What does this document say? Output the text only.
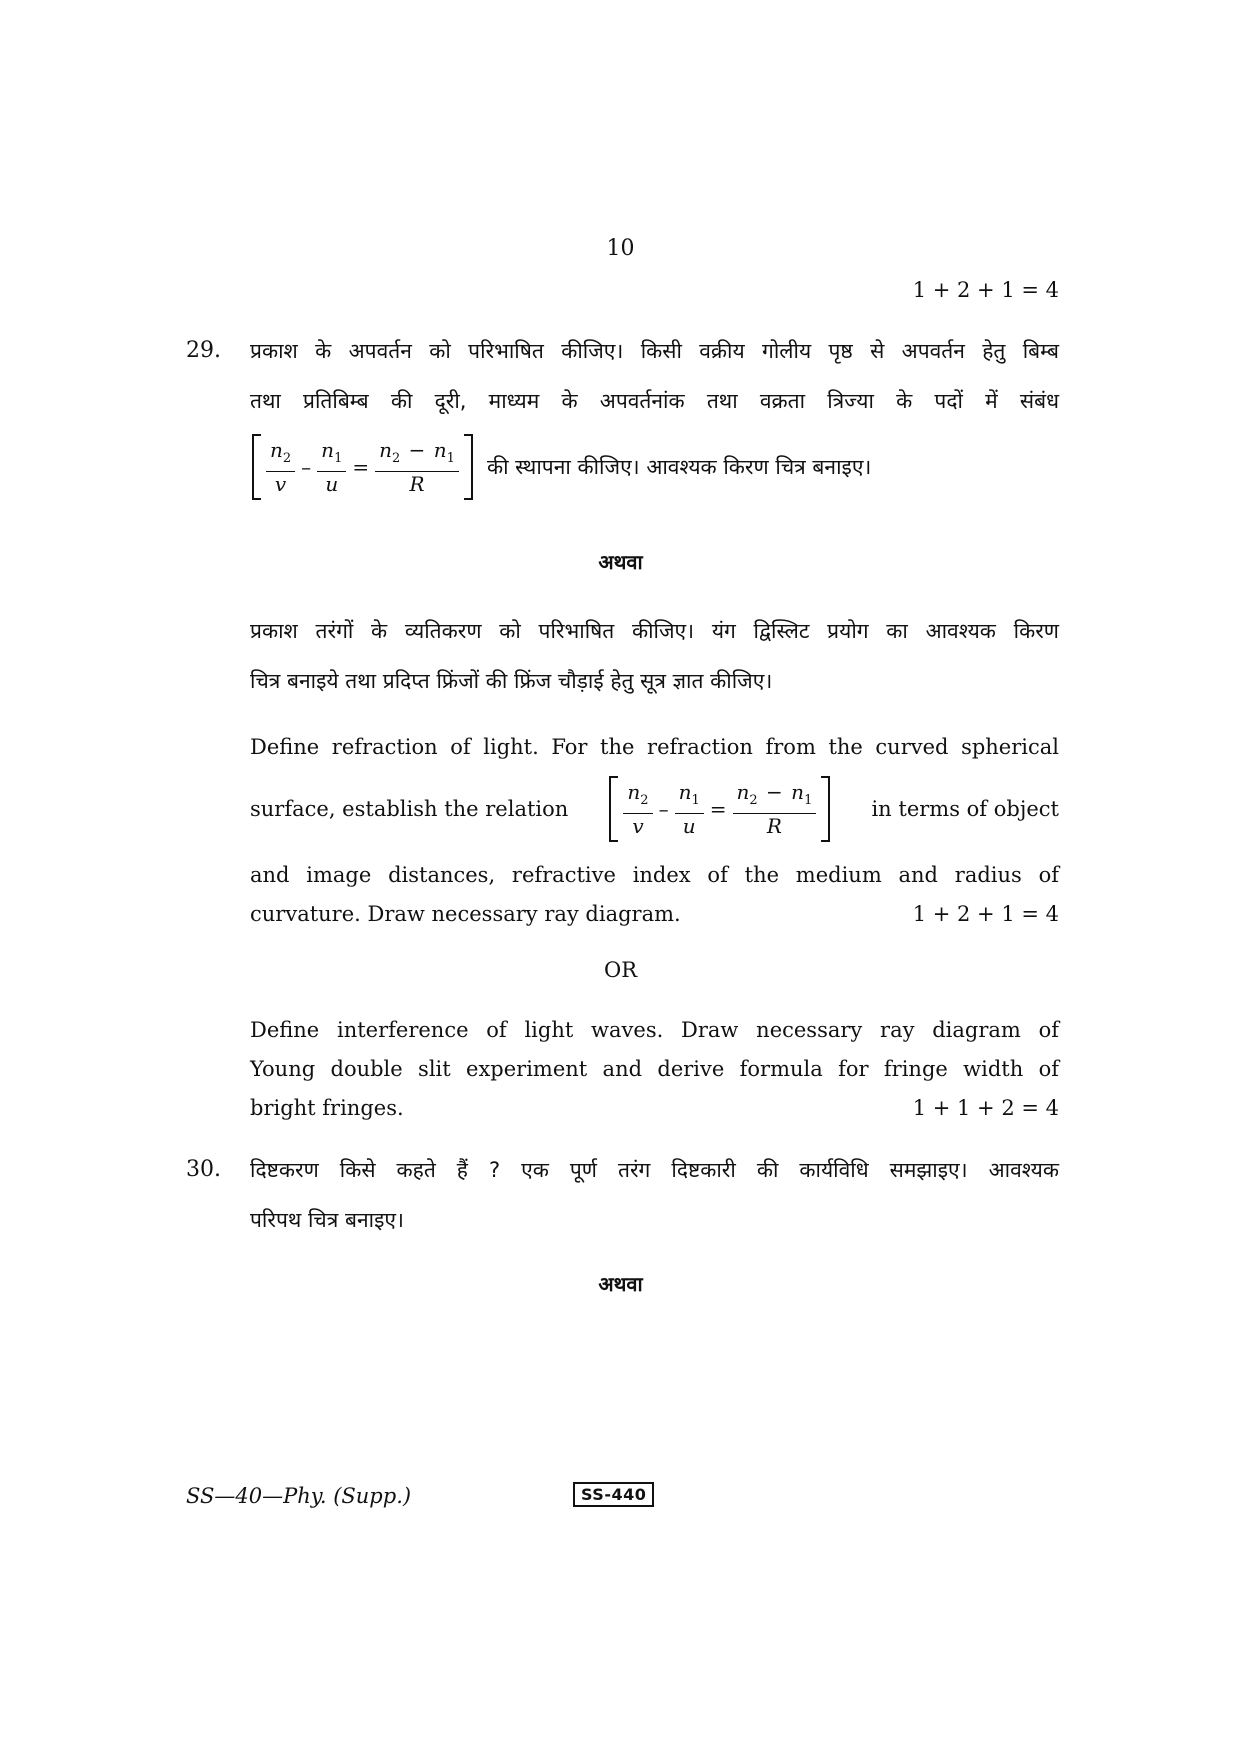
10
1 + 2 + 1 = 4
29. प्रकाश के अपवर्तन को परिभाषित कीजिए। किसी वक्रीय गोलीय पृष्ठ से अपवर्तन हेतु बिम्ब
तथा प्रतिबिम्ब की दूरी, माध्यम के अपवर्तनांक तथा वक्रता त्रिज्या के पदों में संबंध
$\frac{n_2}{v} - \frac{n_1}{u} = \frac{n_2 - n_1}{R}$ की स्थापना कीजिए। आवश्यक किरण चित्र बनाइए।
अथवा
प्रकाश तरंगों के व्यतिकरण को परिभाषित कीजिए। यंग द्विस्लिट प्रयोग का आवश्यक किरण
चित्र बनाइये तथा प्रदिप्त फ्रिंजों की फ्रिंज चौड़ाई हेतु सूत्र ज्ञात कीजिए।
Define refraction of light. For the refraction from the curved spherical
surface, establish the relation	$\frac{n_2}{v} - \frac{n_1}{u} = \frac{n_2 - n_1}{R}$	in terms of object
and image distances, refractive index of the medium and radius of
curvature. Draw necessary ray diagram.	1 + 2 + 1 = 4
OR
Define interference of light waves. Draw necessary ray diagram of
Young double slit experiment and derive formula for fringe width of
bright fringes.	1 + 1 + 2 = 4
30. दिष्टकरण किसे कहते हैं ? एक पूर्ण तरंग दिष्टकारी की कार्यविधि समझाइए। आवश्यक
परिपथ चित्र बनाइए।
अथवा
SS—40—Phy. (Supp.)	SS-440
